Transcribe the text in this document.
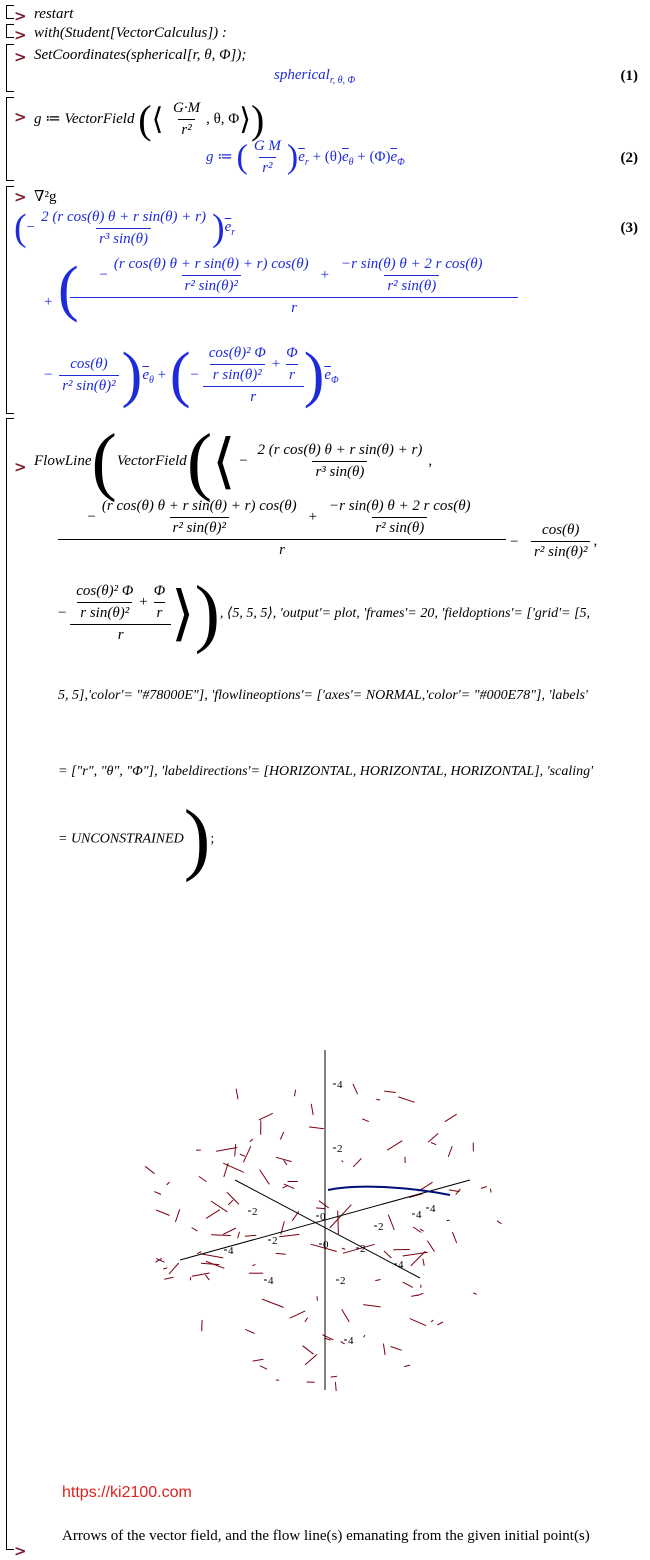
>
>
>
>
>
>
>
restart
with(Student[VectorCalculus]) :
SetCoordinates(spherical[r, θ, Φ]);
spherical$_{r, \theta, \Phi}$	(1)
g ≔ VectorField (⟨ $\frac{G\cdot M}{\text{r²}}$ , θ, Φ⟩)
g ≔ ( $\frac{\text{G M}}{\text{r²}} )\overline{e}_r + (\theta)\overline{e}_\theta + (\Phi)\overline{e}_\Phi$	(2)
∇²g
(− $\frac{\text{2 (r cos(θ) θ + r sin(θ) + r)}}{\text{r³ sin(θ)}} )\overline{e}_r$	(3)
+ ( − $\frac{\text{(r cos(θ) θ + r sin(θ) + r) cos(θ)}}{\text{r² sin(θ)²}} + \frac{\text{−r sin(θ) θ + 2 r cos(θ)}}{\text{r² sin(θ)}}$
r
− $\frac{\cos(\theta)}{\text{r² sin(θ)²}} )\overline{e}_\theta$ + (− $\frac{\frac{\text{cos(θ)² Φ}}{\text{r sin(θ)²}} + \frac{\Phi}{r}}{r} )\overline{e}_\Phi$
FlowLine(VectorField(⟨ − $\frac{\text{2 (r cos(θ) θ + r sin(θ) + r)}}{\text{r³ sin(θ)}}$ ,
− $\frac{\text{(r cos(θ) θ + r sin(θ) + r) cos(θ)}}{\text{r² sin(θ)²}} + \frac{\text{−r sin(θ) θ + 2 r cos(θ)}}{\text{r² sin(θ)}}$
r	− $\frac{\cos(\theta)}{\text{r² sin(θ)²}}$ ,
− $\frac{\frac{\text{cos(θ)² Φ}}{\text{r sin(θ)²}} + \frac{\Phi}{r}}{r}$ ⟩), ⟨5, 5, 5⟩, 'output'= plot, 'frames'= 20, 'fieldoptions'= ['grid'= [5,
5, 5],'color'= "#78000E"], 'flowlineoptions'= ['axes'= NORMAL,'color'= "#000E78"], 'labels'
= ["r", "θ", "Φ"], 'labeldirections'= [HORIZONTAL, HORIZONTAL, HORIZONTAL], 'scaling'
= UNCONSTRAINED);
4
2
0
2
4
2
4
2
4
4
2
0
4
2
4
https://ki2100.com
Arrows of the vector field, and the flow line(s) emanating from the given initial point(s)
